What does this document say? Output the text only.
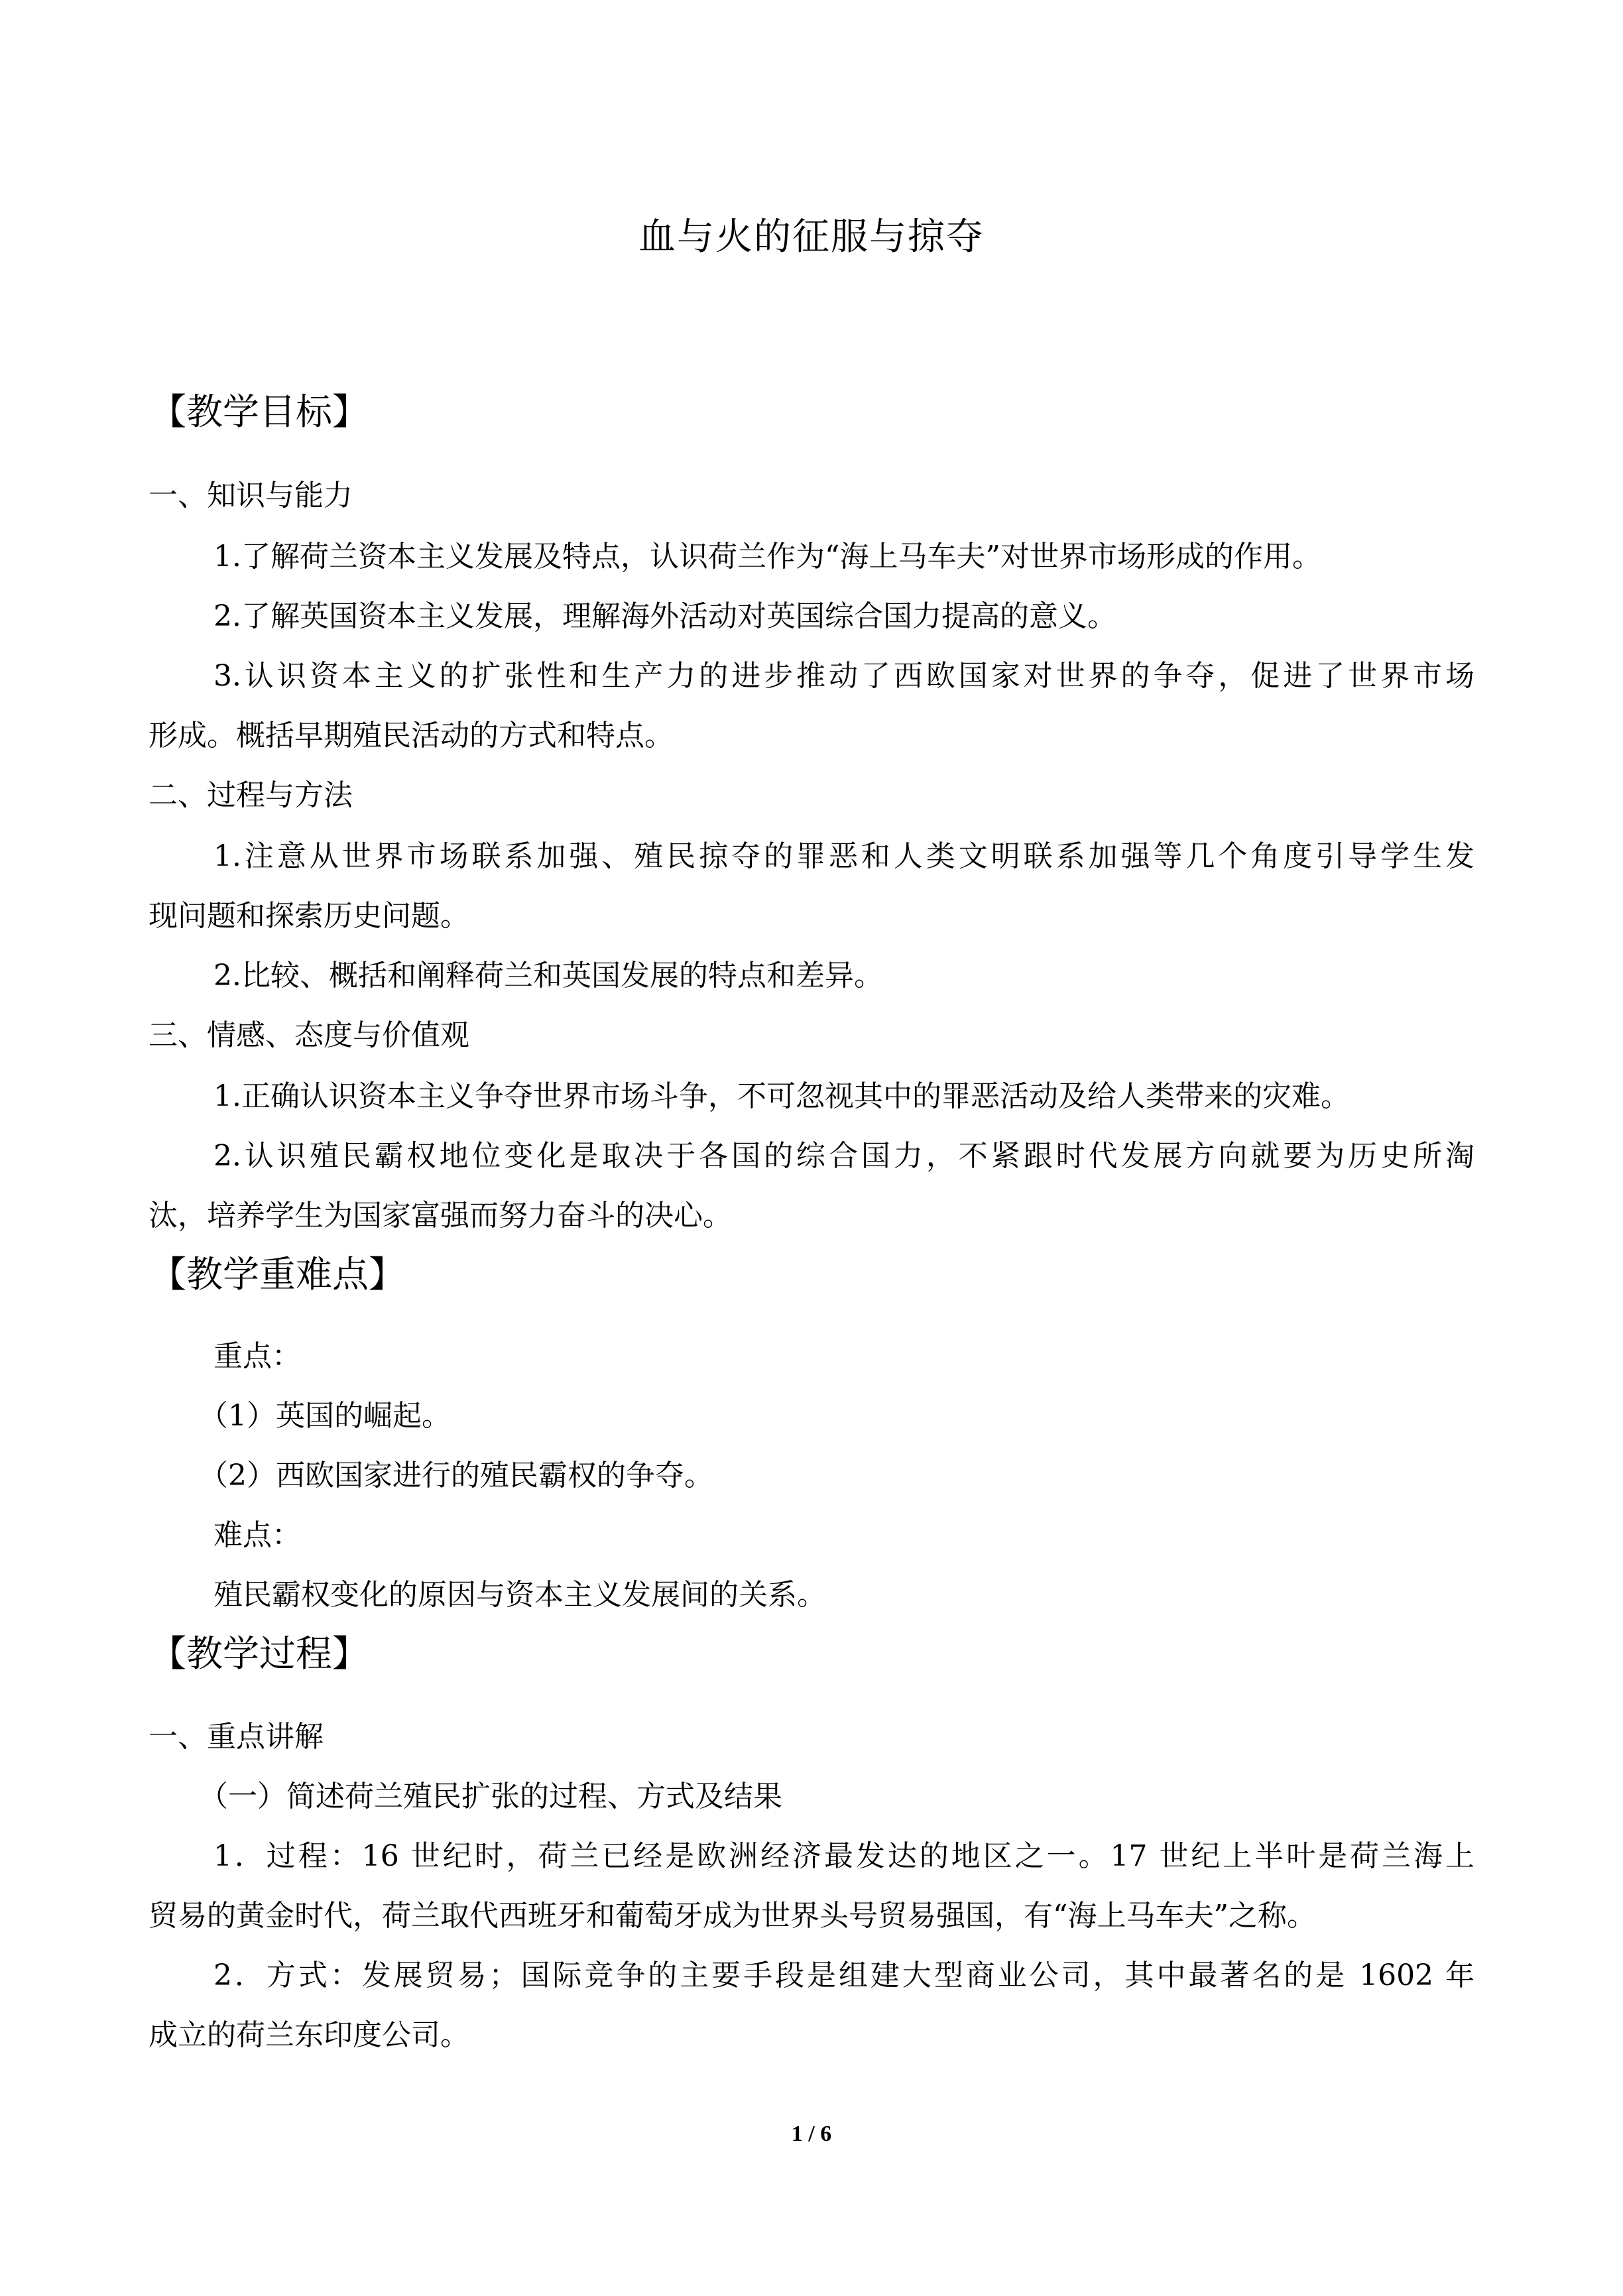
血与火的征服与掠夺
【教学目标】
一、知识与能力
1.了解荷兰资本主义发展及特点，认识荷兰作为“海上马车夫”对世界市场形成的作用。
2.了解英国资本主义发展，理解海外活动对英国综合国力提高的意义。
3.认识资本主义的扩张性和生产力的进步推动了西欧国家对世界的争夺，促进了世界市场
形成。概括早期殖民活动的方式和特点。
二、过程与方法
1.注意从世界市场联系加强、殖民掠夺的罪恶和人类文明联系加强等几个角度引导学生发
现问题和探索历史问题。
2.比较、概括和阐释荷兰和英国发展的特点和差异。
三、情感、态度与价值观
1.正确认识资本主义争夺世界市场斗争，不可忽视其中的罪恶活动及给人类带来的灾难。
2.认识殖民霸权地位变化是取决于各国的综合国力，不紧跟时代发展方向就要为历史所淘
汰，培养学生为国家富强而努力奋斗的决心。
【教学重难点】
重点：
（1）英国的崛起。
（2）西欧国家进行的殖民霸权的争夺。
难点：
殖民霸权变化的原因与资本主义发展间的关系。
【教学过程】
一、重点讲解
（一）简述荷兰殖民扩张的过程、方式及结果
1．过程：16 世纪时，荷兰已经是欧洲经济最发达的地区之一。17 世纪上半叶是荷兰海上
贸易的黄金时代，荷兰取代西班牙和葡萄牙成为世界头号贸易强国，有“海上马车夫”之称。
2．方式：发展贸易；国际竞争的主要手段是组建大型商业公司，其中最著名的是 1602 年
成立的荷兰东印度公司。
1 / 6
